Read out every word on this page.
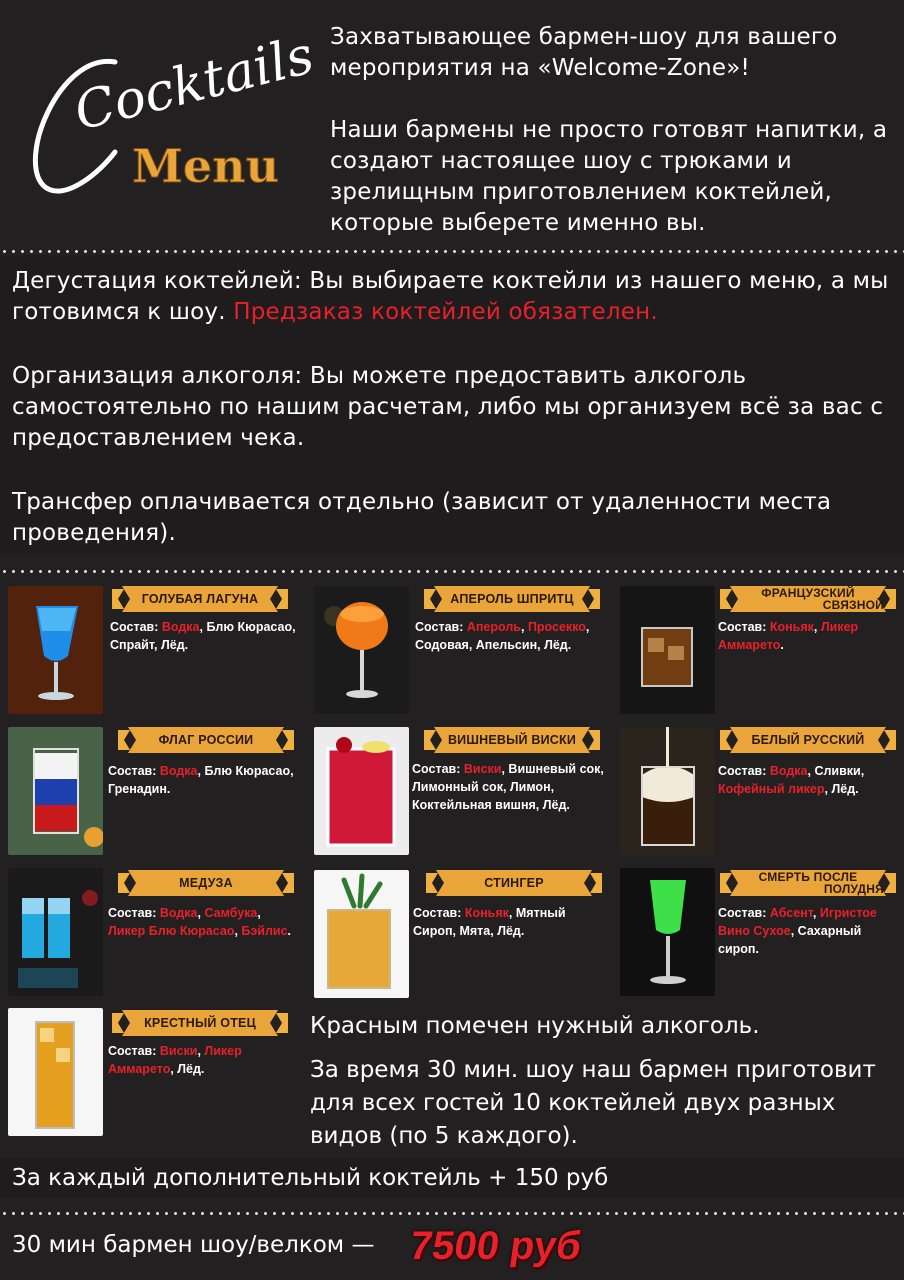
Cocktails
Menu

Захватывающее бармен-шоу для вашего мероприятия на «Welcome-Zone»!

Наши бармены не просто готовят напитки, а создают настоящее шоу с трюками и зрелищным приготовлением коктейлей, которые выберете именно вы.

Дегустация коктейлей: Вы выбираете коктейли из нашего меню, а мы готовимся к шоу. Предзаказ коктейлей обязателен.

Организация алкоголя: Вы можете предоставить алкоголь самостоятельно по нашим расчетам, либо мы организуем всё за вас с предоставлением чека.

Трансфер оплачивается отдельно (зависит от удаленности места проведения).

ГОЛУБАЯ ЛАГУНА
Состав: Водка, Блю Кюрасао, Спрайт, Лёд.
АПЕРОЛЬ ШПРИТЦ
Состав: Апероль, Просекко, Содовая, Апельсин, Лёд.
ФРАНЦУЗСКИЙ
СВЯЗНОЙ
Состав: Коньяк, Ликер Аммарето.
ФЛАГ РОССИИ
Состав: Водка, Блю Кюрасао, Гренадин.
ВИШНЕВЫЙ ВИСКИ
Состав: Виски, Вишневый сок, Лимонный сок, Лимон, Коктейльная вишня, Лёд.
БЕЛЫЙ РУССКИЙ
Состав: Водка, Сливки, Кофейный ликер, Лёд.
МЕДУЗА
Состав: Водка, Самбука, Ликер Блю Кюрасао, Бэйлис.
СТИНГЕР
Состав: Коньяк, Мятный Сироп, Мята, Лёд.
СМЕРТЬ ПОСЛЕ
ПОЛУДНЯ
Состав: Абсент, Игристое Вино Сухое, Сахарный сироп.
КРЕСТНЫЙ ОТЕЦ
Состав: Виски, Ликер Аммарето, Лёд.

Красным помечен нужный алкоголь.

За время 30 мин. шоу наш бармен приготовит для всех гостей 10 коктейлей двух разных видов (по 5 каждого).

За каждый дополнительный коктейль + 150 руб

30 мин бармен шоу/велком — 7500 руб
